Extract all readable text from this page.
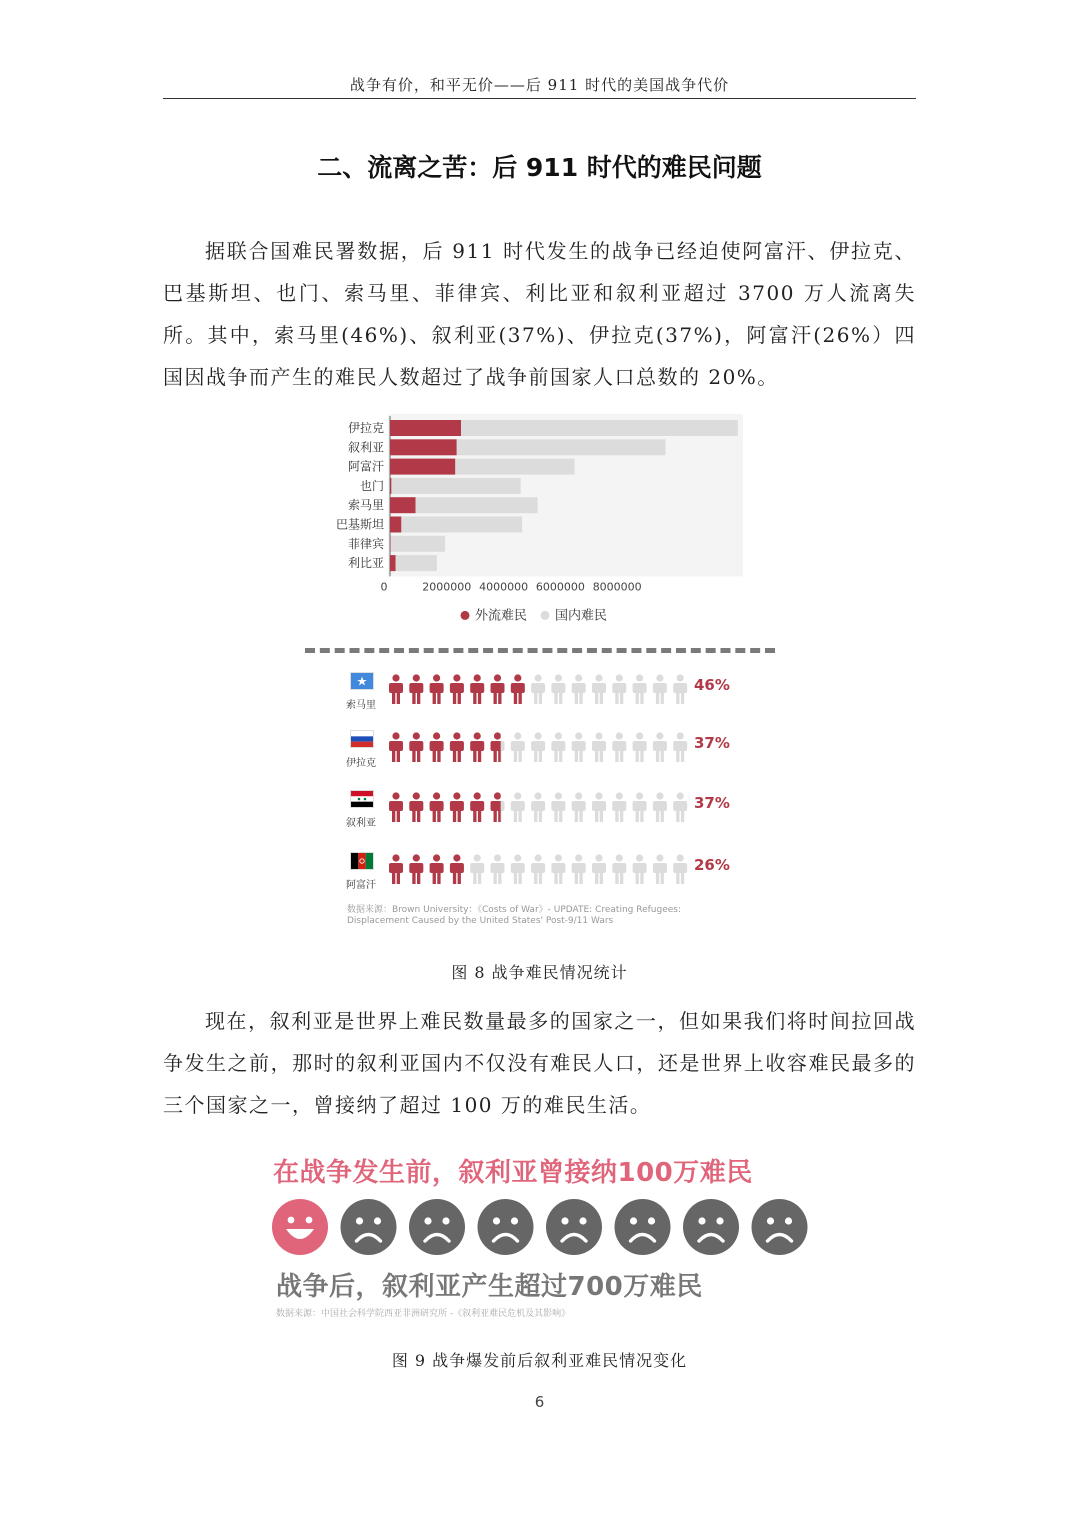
战争有价，和平无价——后 911 时代的美国战争代价
二、流离之苦：后 911 时代的难民问题

据联合国难民署数据，后 911 时代发生的战争已经迫使阿富汗、伊拉克、巴基斯坦、也门、索马里、菲律宾、利比亚和叙利亚超过 3700 万人流离失所。其中，索马里(46%)、叙利亚(37%)、伊拉克(37%)，阿富汗(26%）四国因战争而产生的难民人数超过了战争前国家人口总数的 20%。

伊拉克
叙利亚
阿富汗
也门
索马里
巴基斯坦
菲律宾
利比亚
0	2000000 4000000 6000000 8000000
外流难民 国内难民
索马里
46%
伊拉克
37%
叙利亚
37%
阿富汗
26%
数据来源：Brown University：《Costs of War》- UPDATE: Creating Refugees: Displacement Caused by the United States' Post-9/11 Wars
图 8 战争难民情况统计

现在，叙利亚是世界上难民数量最多的国家之一，但如果我们将时间拉回战争发生之前，那时的叙利亚国内不仅没有难民人口，还是世界上收容难民最多的三个国家之一，曾接纳了超过 100 万的难民生活。

在战争发生前，叙利亚曾接纳100万难民
战争后，叙利亚产生超过700万难民
数据来源：中国社会科学院西亚非洲研究所 -《叙利亚难民危机及其影响》
图 9 战争爆发前后叙利亚难民情况变化
6
